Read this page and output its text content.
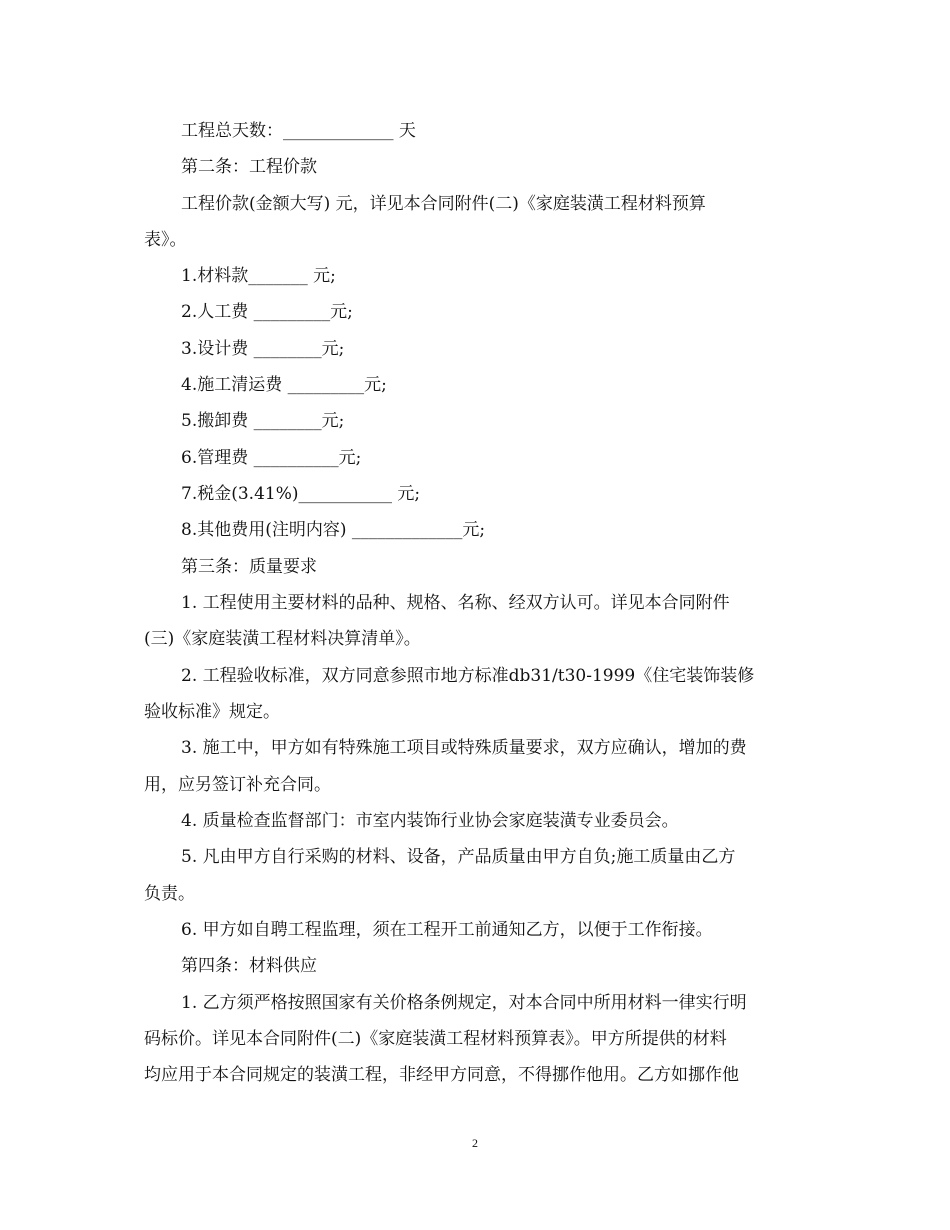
工程总天数：_____________ 天
第二条：工程价款
工程价款(金额大写) 元，详见本合同附件(二)《家庭装潢工程材料预算
表》。
1.材料款_______ 元;
2.人工费 _________元;
3.设计费 ________元;
4.施工清运费 _________元;
5.搬卸费 ________元;
6.管理费 __________元;
7.税金(3.41%)___________ 元;
8.其他费用(注明内容) _____________元;
第三条：质量要求
1. 工程使用主要材料的品种、规格、名称、经双方认可。详见本合同附件
(三)《家庭装潢工程材料决算清单》。
2. 工程验收标准，双方同意参照市地方标准db31/t30-1999《住宅装饰装修
验收标准》规定。
3. 施工中，甲方如有特殊施工项目或特殊质量要求，双方应确认，增加的费
用，应另签订补充合同。
4. 质量检查监督部门：市室内装饰行业协会家庭装潢专业委员会。
5. 凡由甲方自行采购的材料、设备，产品质量由甲方自负;施工质量由乙方
负责。
6. 甲方如自聘工程监理，须在工程开工前通知乙方，以便于工作衔接。
第四条：材料供应
1. 乙方须严格按照国家有关价格条例规定，对本合同中所用材料一律实行明
码标价。详见本合同附件(二)《家庭装潢工程材料预算表》。甲方所提供的材料
均应用于本合同规定的装潢工程，非经甲方同意，不得挪作他用。乙方如挪作他
2
